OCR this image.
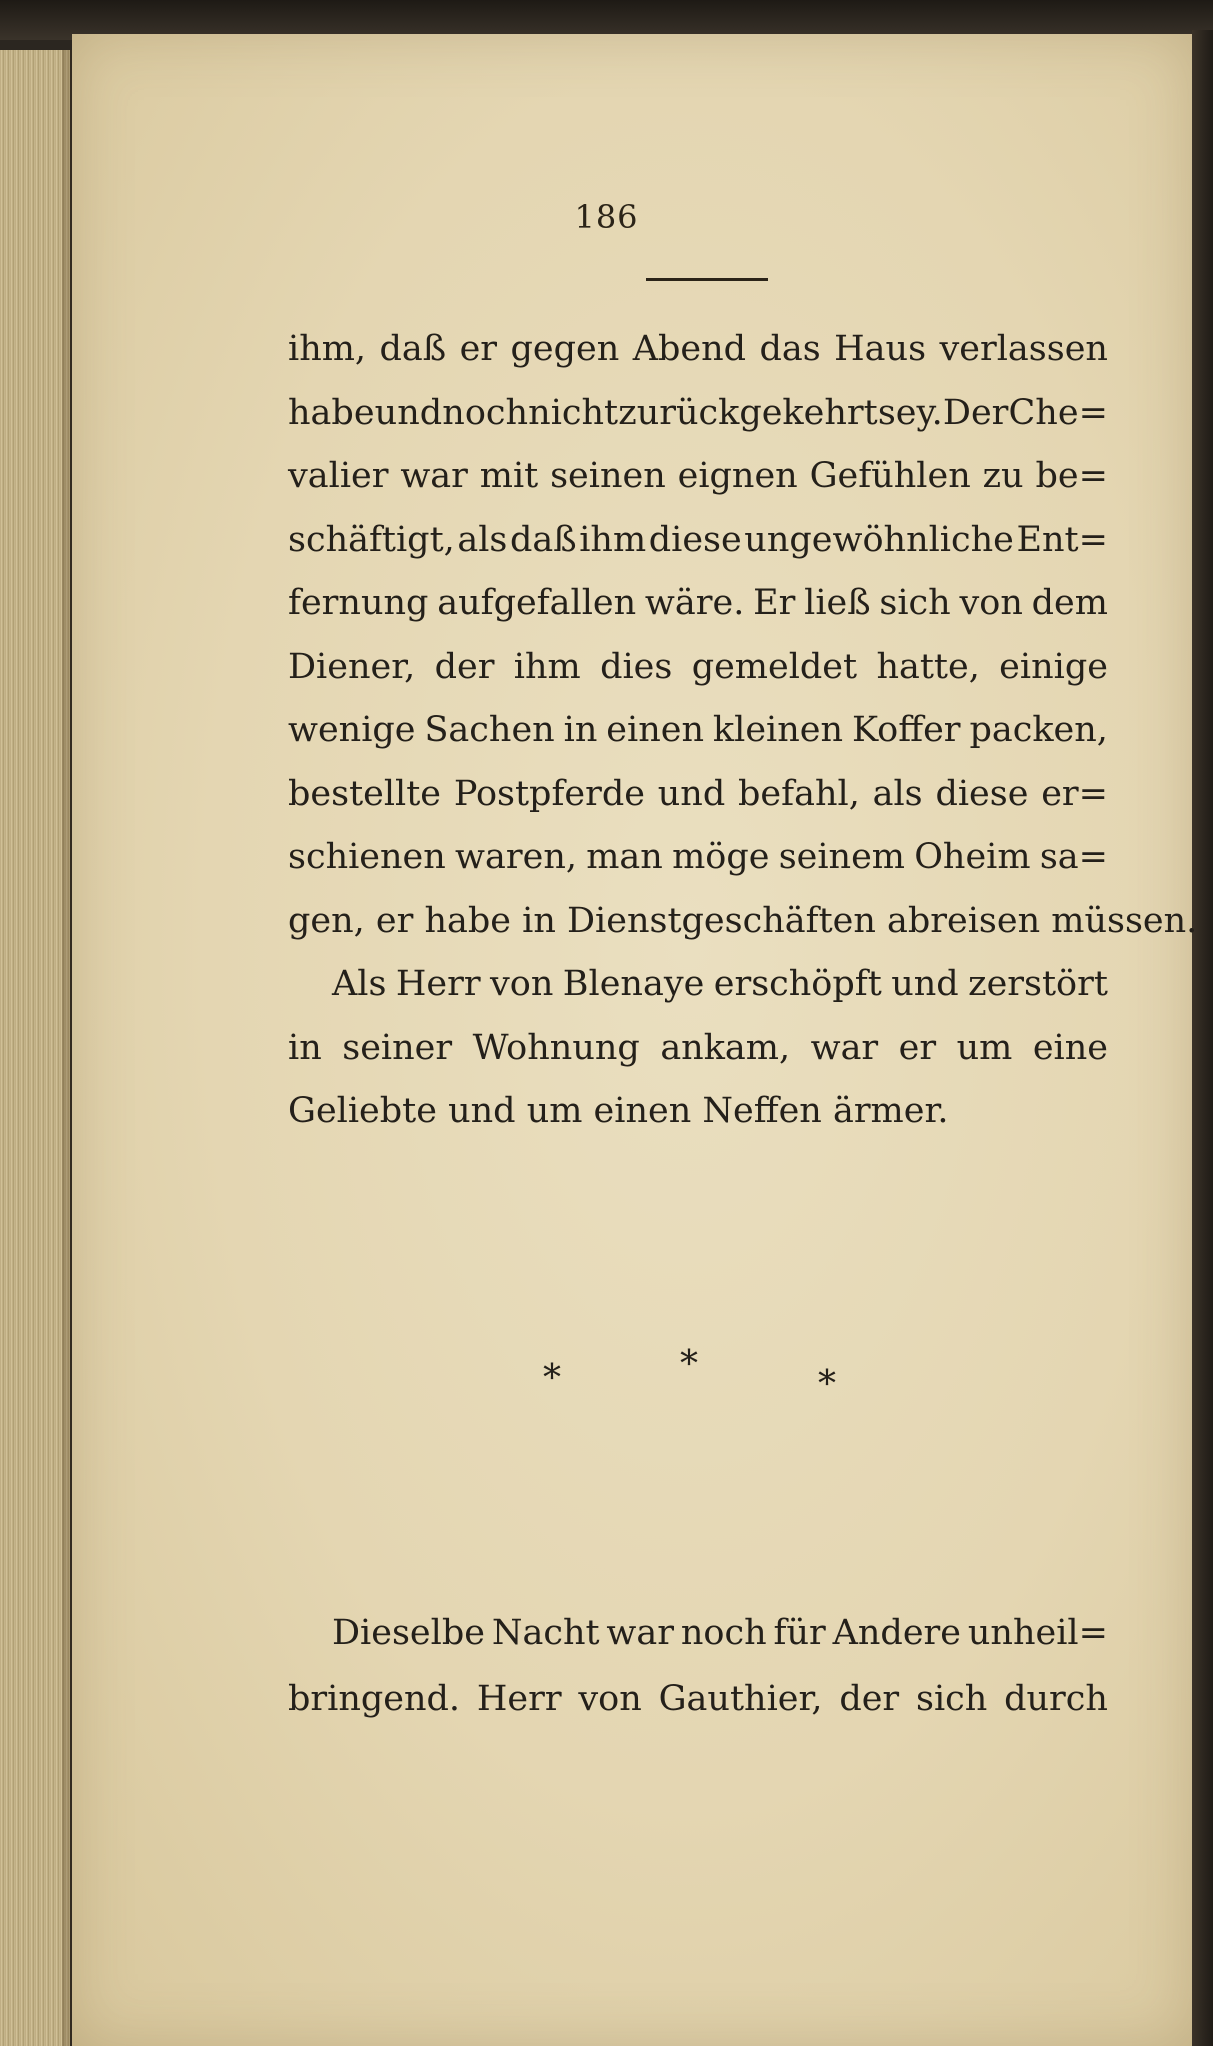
186
ihm, daß er gegen Abend das Haus verlassen
habe und noch nicht zurückgekehrt sey. Der Che=
valier war mit seinen eignen Gefühlen zu be=
schäftigt, als daß ihm diese ungewöhnliche Ent=
fernung aufgefallen wäre. Er ließ sich von dem
Diener, der ihm dies gemeldet hatte, einige
wenige Sachen in einen kleinen Koffer packen,
bestellte Postpferde und befahl, als diese er=
schienen waren, man möge seinem Oheim sa=
gen, er habe in Dienstgeschäften abreisen müssen.
Als Herr von Blenaye erschöpft und zerstört
in seiner Wohnung ankam, war er um eine
Geliebte und um einen Neffen ärmer.
*	*	*
Dieselbe Nacht war noch für Andere unheil=
bringend. Herr von Gauthier, der sich durch
